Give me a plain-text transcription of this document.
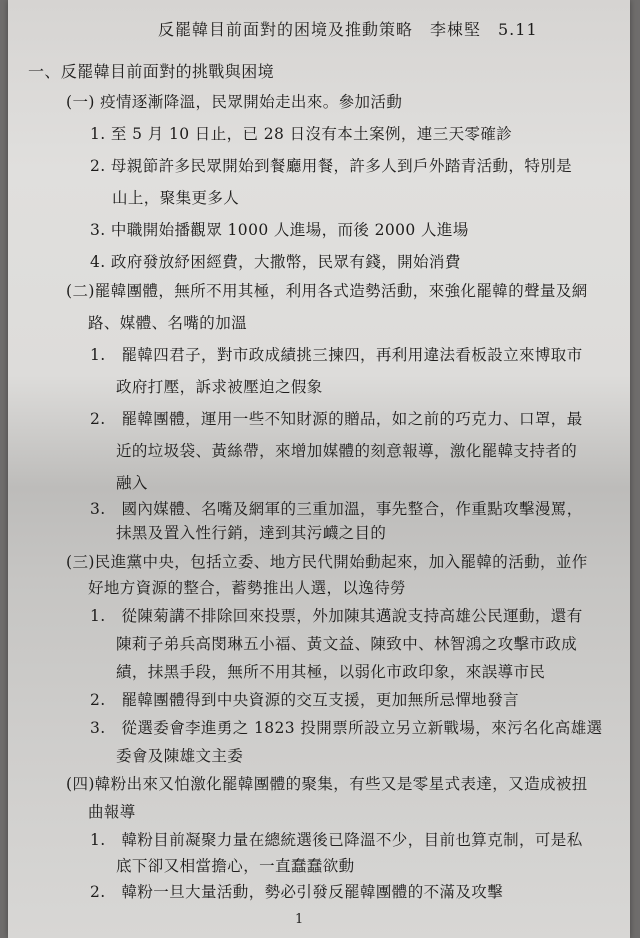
反罷韓目前面對的困境及推動策略　李梀堅　5.11
一、反罷韓目前面對的挑戰與困境
(一) 疫情逐漸降溫，民眾開始走出來。參加活動
1. 至 5 月 10 日止，已 28 日沒有本土案例，連三天零確診
2. 母親節許多民眾開始到餐廳用餐，許多人到戶外踏青活動，特別是
山上，聚集更多人
3. 中職開始播觀眾 1000 人進場，而後 2000 人進場
4. 政府發放紓困經費，大撒幣，民眾有錢，開始消費
(二)罷韓團體，無所不用其極，利用各式造勢活動，來強化罷韓的聲量及網
路、媒體、名嘴的加溫
1.　罷韓四君子，對市政成績挑三揀四，再利用違法看板設立來博取市
政府打壓，訴求被壓迫之假象
2.　罷韓團體，運用一些不知財源的贈品，如之前的巧克力、口罩，最
近的垃圾袋、黃絲帶，來增加媒體的刻意報導，激化罷韓支持者的
融入
3.　國內媒體、名嘴及網軍的三重加溫，事先整合，作重點攻擊漫罵，
抹黑及置入性行銷，達到其污衊之目的
(三)民進黨中央，包括立委、地方民代開始動起來，加入罷韓的活動，並作
好地方資源的整合，蓄勢推出人選，以逸待勞
1.　從陳菊講不排除回來投票，外加陳其邁說支持高雄公民運動，還有
陳莉子弟兵高閔琳五小福、黃文益、陳致中、林智鴻之攻擊市政成
績，抹黑手段，無所不用其極，以弱化市政印象，來誤導市民
2.　罷韓團體得到中央資源的交互支援，更加無所忌憚地發言
3.　從選委會李進勇之 1823 投開票所設立另立新戰場，來污名化高雄選
委會及陳雄文主委
(四)韓粉出來又怕激化罷韓團體的聚集，有些又是零星式表達，又造成被扭
曲報導
1.　韓粉目前凝聚力量在總統選後已降溫不少，目前也算克制，可是私
底下卻又相當擔心，一直蠢蠢欲動
2.　韓粉一旦大量活動，勢必引發反罷韓團體的不滿及攻擊
1
